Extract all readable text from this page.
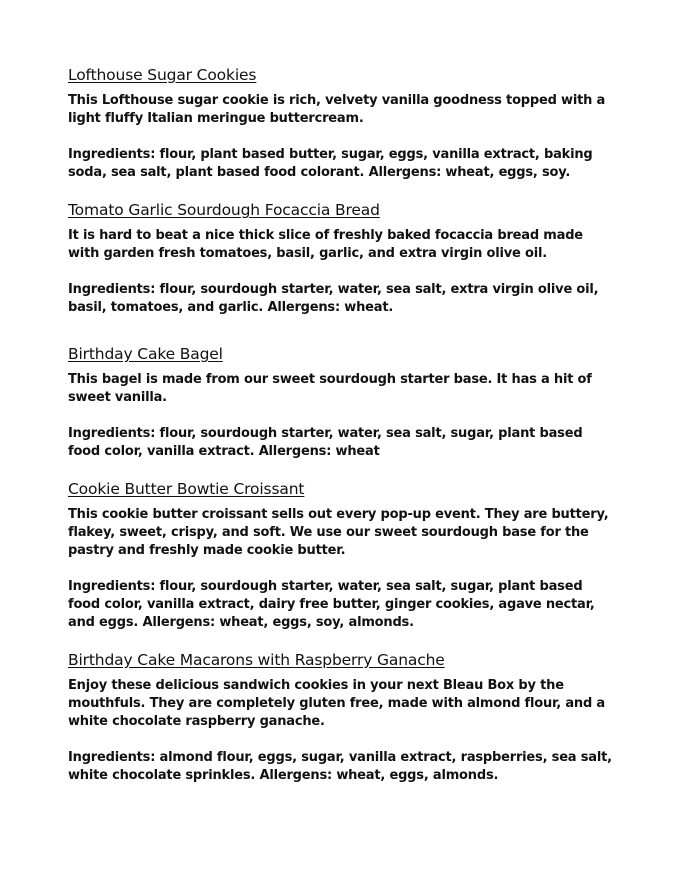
Lofthouse Sugar Cookies

This Lofthouse sugar cookie is rich, velvety vanilla goodness topped with a light fluffy Italian meringue buttercream.

Ingredients: flour, plant based butter, sugar, eggs, vanilla extract, baking soda, sea salt, plant based food colorant. Allergens: wheat, eggs, soy.

Tomato Garlic Sourdough Focaccia Bread

It is hard to beat a nice thick slice of freshly baked focaccia bread made with garden fresh tomatoes, basil, garlic, and extra virgin olive oil.

Ingredients: flour, sourdough starter, water, sea salt, extra virgin olive oil, basil, tomatoes, and garlic. Allergens: wheat.

Birthday Cake Bagel

This bagel is made from our sweet sourdough starter base. It has a hit of sweet vanilla.

Ingredients: flour, sourdough starter, water, sea salt, sugar, plant based food color, vanilla extract. Allergens: wheat

Cookie Butter Bowtie Croissant

This cookie butter croissant sells out every pop-up event. They are buttery, flakey, sweet, crispy, and soft. We use our sweet sourdough base for the pastry and freshly made cookie butter.

Ingredients: flour, sourdough starter, water, sea salt, sugar, plant based food color, vanilla extract, dairy free butter, ginger cookies, agave nectar, and eggs. Allergens: wheat, eggs, soy, almonds.

Birthday Cake Macarons with Raspberry Ganache

Enjoy these delicious sandwich cookies in your next Bleau Box by the mouthfuls. They are completely gluten free, made with almond flour, and a white chocolate raspberry ganache.

Ingredients: almond flour, eggs, sugar, vanilla extract, raspberries, sea salt, white chocolate sprinkles. Allergens: wheat, eggs, almonds.
